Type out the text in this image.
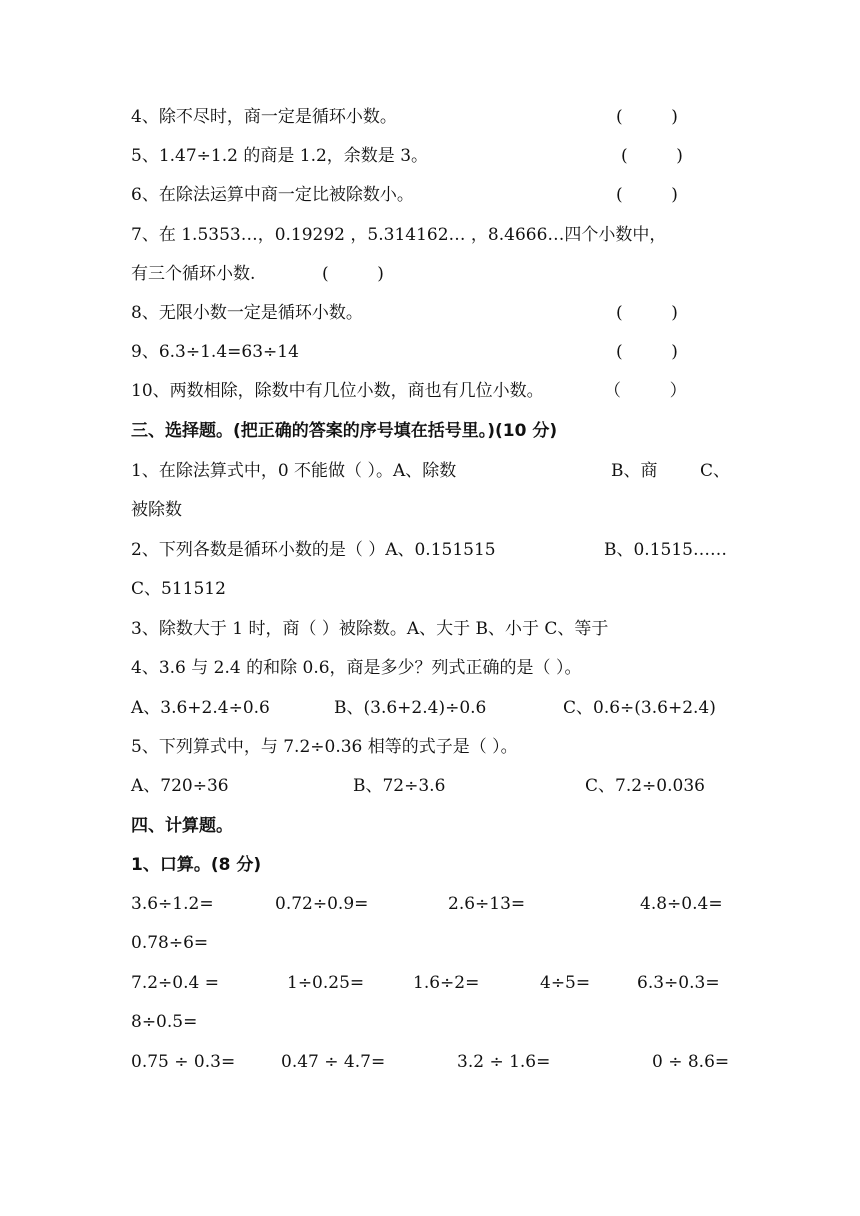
4、除不尽时，商一定是循环小数。	(         )
5、1.47÷1.2 的商是 1.2，余数是 3。	(         )
6、在除法运算中商一定比被除数小。	(         )
7、在 1.5353…，0.19292 ，5.314162… ，8.4666…四个小数中，
有三个循环小数.	(         )
8、无限小数一定是循环小数。	(         )
9、6.3÷1.4=63÷14	(         )
10、两数相除，除数中有几位小数，商也有几位小数。	（         ）
三、选择题。(把正确的答案的序号填在括号里。)(10 分)
1、在除法算式中，0 不能做（ ）。A、除数	B、商	C、
被除数
2、下列各数是循环小数的是（ ）A、0.151515	B、0.1515……
C、511512
3、除数大于 1 时，商（ ）被除数。A、大于 B、小于 C、等于
4、3.6 与 2.4 的和除 0.6，商是多少？列式正确的是（ ）。
A、3.6+2.4÷0.6	B、(3.6+2.4)÷0.6	C、0.6÷(3.6+2.4)
5、下列算式中，与 7.2÷0.36 相等的式子是（ ）。
A、720÷36	B、72÷3.6	C、7.2÷0.036
四、计算题。
1、口算。(8 分)
3.6÷1.2=	0.72÷0.9=	2.6÷13=	4.8÷0.4=
0.78÷6=
7.2÷0.4 =	1÷0.25=	1.6÷2=	4÷5=	6.3÷0.3=
8÷0.5=
0.75 ÷ 0.3=	0.47 ÷ 4.7=	3.2 ÷ 1.6=	0 ÷ 8.6=
